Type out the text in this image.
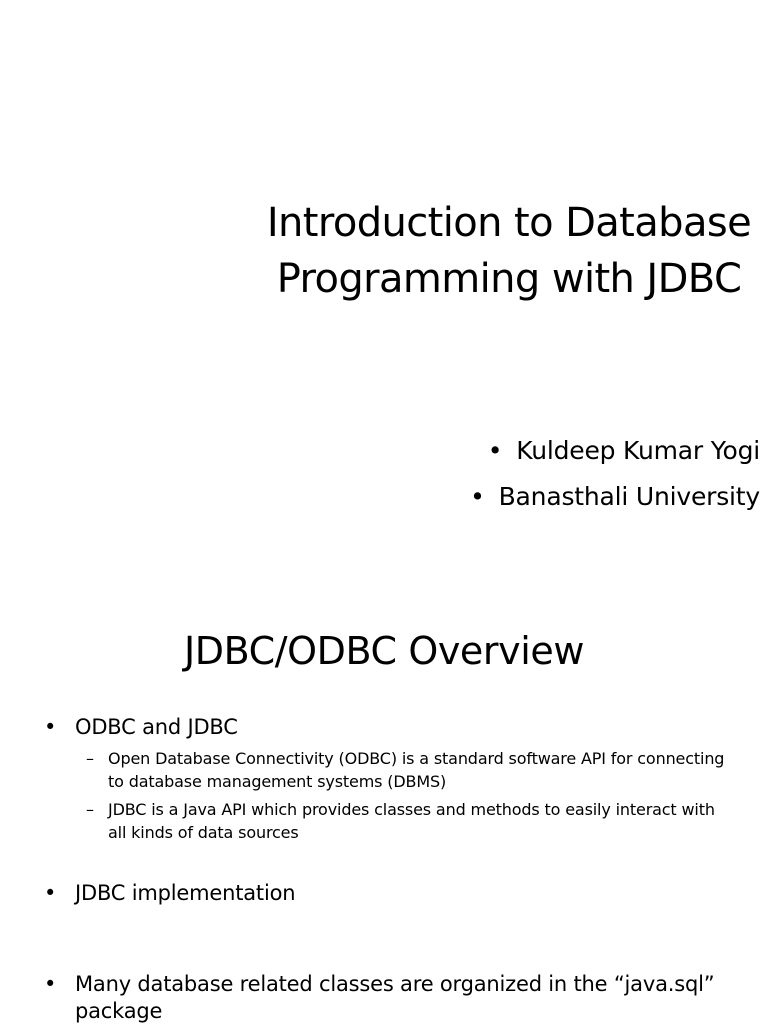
Introduction to Database
Programming with JDBC
• Kuldeep Kumar Yogi
• Banasthali University
JDBC/ODBC Overview
• ODBC and JDBC
– Open Database Connectivity (ODBC) is a standard software API for connecting to database management systems (DBMS)
– JDBC is a Java API which provides classes and methods to easily interact with all kinds of data sources
• JDBC implementation
• Many database related classes are organized in the “java.sql” package
